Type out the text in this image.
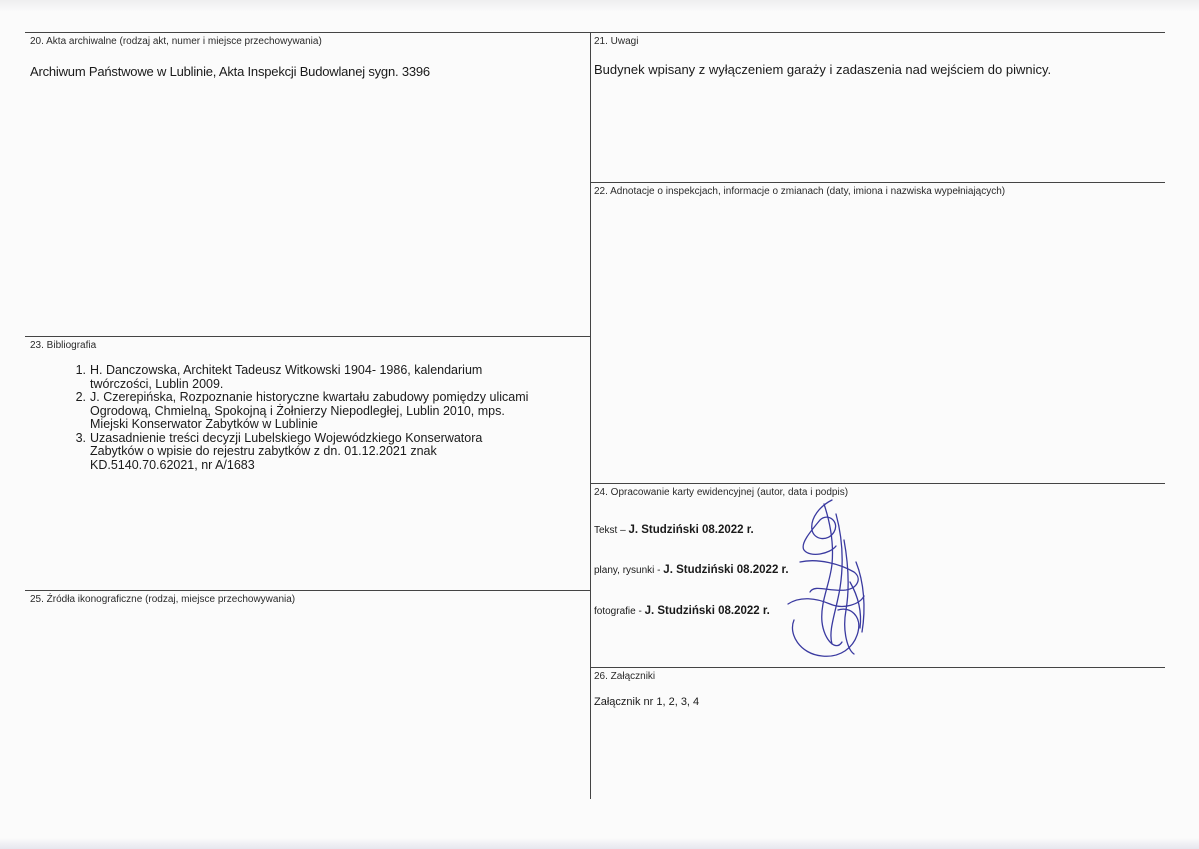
20. Akta archiwalne (rodzaj akt, numer i miejsce przechowywania)
Archiwum Państwowe w Lublinie, Akta Inspekcji Budowlanej sygn. 3396
21. Uwagi
Budynek wpisany z wyłączeniem garaży i zadaszenia nad wejściem do piwnicy.
22. Adnotacje o inspekcjach, informacje o zmianach (daty, imiona i nazwiska wypełniających)
23. Bibliografia
1. H. Danczowska, Architekt Tadeusz Witkowski 1904- 1986, kalendarium
twórczości, Lublin 2009.
2. J. Czerepińska, Rozpoznanie historyczne kwartału zabudowy pomiędzy ulicami
Ogrodową, Chmielną, Spokojną i Żołnierzy Niepodległej, Lublin 2010, mps.
Miejski Konserwator Zabytków w Lublinie
3. Uzasadnienie treści decyzji Lubelskiego Wojewódzkiego Konserwatora
Zabytków o wpisie do rejestru zabytków z dn. 01.12.2021 znak
KD.5140.70.62021, nr A/1683
24. Opracowanie karty ewidencyjnej (autor, data i podpis)
Tekst – J. Studziński 08.2022 r.
plany, rysunki - J. Studziński 08.2022 r.
fotografie - J. Studziński 08.2022 r.
25. Źródła ikonograficzne (rodzaj, miejsce przechowywania)
26. Załączniki
Załącznik nr 1, 2, 3, 4
